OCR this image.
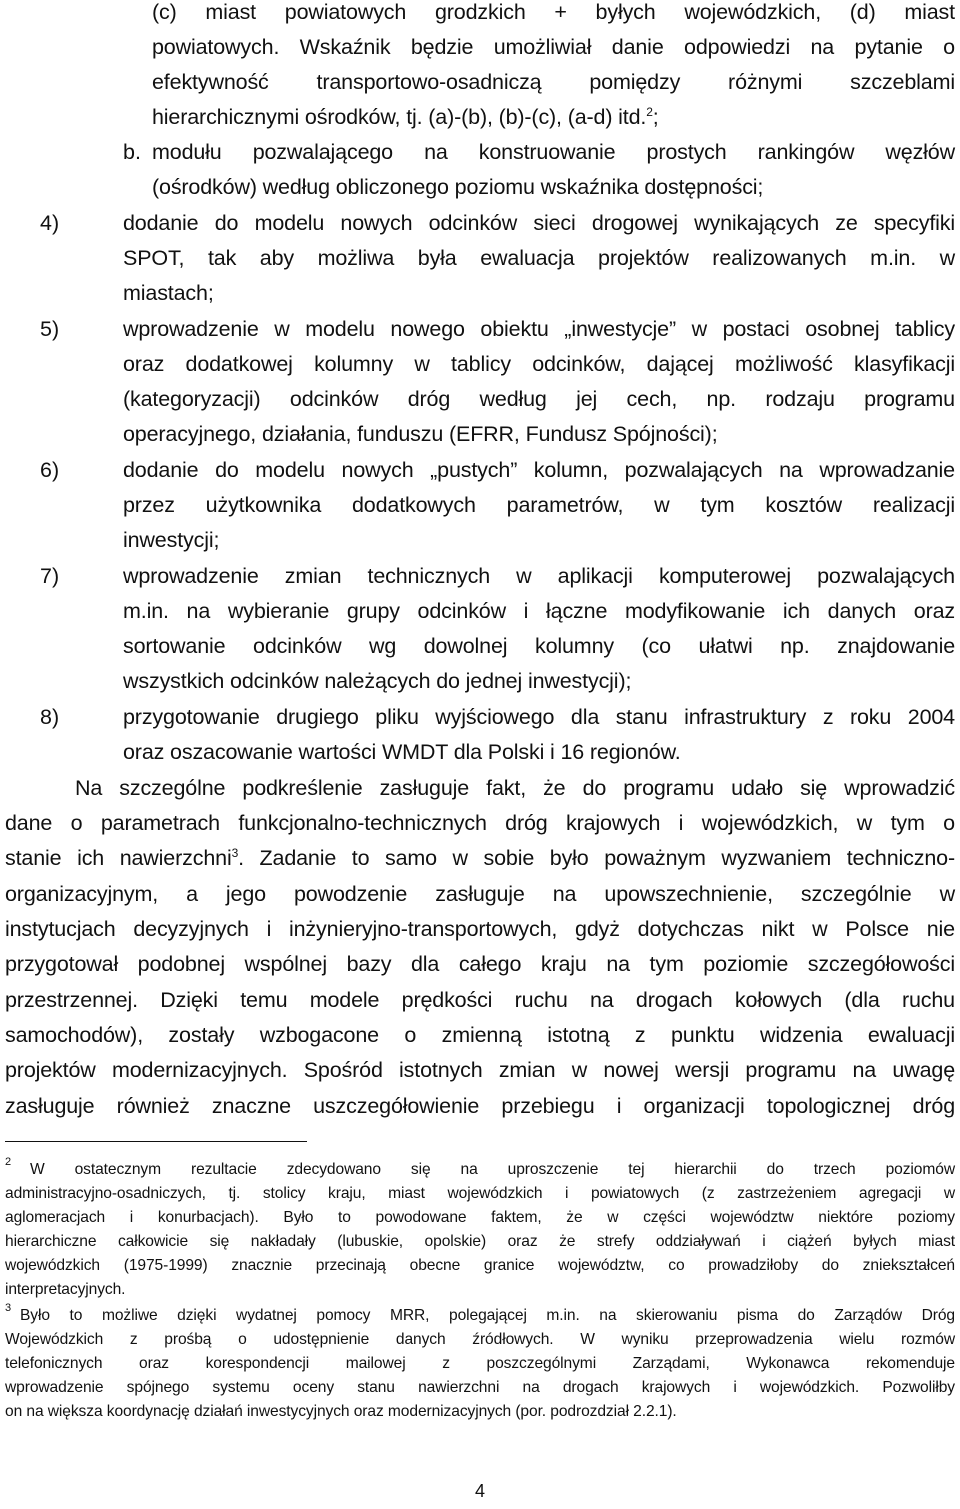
(c) miast powiatowych grodzkich + byłych wojewódzkich, (d) miast
powiatowych. Wskaźnik będzie umożliwiał danie odpowiedzi na pytanie o
efektywność transportowo-osadniczą pomiędzy różnymi szczeblami
hierarchicznymi ośrodków, tj. (a)-(b), (b)-(c), (a-d) itd.$^2$;
b. modułu pozwalającego na konstruowanie prostych rankingów węzłów
(ośrodków) według obliczonego poziomu wskaźnika dostępności;
4)	dodanie do modelu nowych odcinków sieci drogowej wynikających ze specyfiki
SPOT, tak aby możliwa była ewaluacja projektów realizowanych m.in. w
miastach;
5)	wprowadzenie w modelu nowego obiektu „inwestycje” w postaci osobnej tablicy
oraz dodatkowej kolumny w tablicy odcinków, dającej możliwość klasyfikacji
(kategoryzacji) odcinków dróg według jej cech, np. rodzaju programu
operacyjnego, działania, funduszu (EFRR, Fundusz Spójności);
6)	dodanie do modelu nowych „pustych” kolumn, pozwalających na wprowadzanie
przez użytkownika dodatkowych parametrów, w tym kosztów realizacji
inwestycji;
7)	wprowadzenie zmian technicznych w aplikacji komputerowej pozwalających
m.in. na wybieranie grupy odcinków i łączne modyfikowanie ich danych oraz
sortowanie odcinków wg dowolnej kolumny (co ułatwi np. znajdowanie
wszystkich odcinków należących do jednej inwestycji);
8)	przygotowanie drugiego pliku wyjściowego dla stanu infrastruktury z roku 2004
oraz oszacowanie wartości WMDT dla Polski i 16 regionów.
Na szczególne podkreślenie zasługuje fakt, że do programu udało się wprowadzić
dane o parametrach funkcjonalno-technicznych dróg krajowych i wojewódzkich, w tym o
stanie ich nawierzchni$^3$. Zadanie to samo w sobie było poważnym wyzwaniem techniczno-
organizacyjnym, a jego powodzenie zasługuje na upowszechnienie, szczególnie w
instytucjach decyzyjnych i inżynieryjno-transportowych, gdyż dotychczas nikt w Polsce nie
przygotował podobnej wspólnej bazy dla całego kraju na tym poziomie szczegółowości
przestrzennej. Dzięki temu modele prędkości ruchu na drogach kołowych (dla ruchu
samochodów), zostały wzbogacone o zmienną istotną z punktu widzenia ewaluacji
projektów modernizacyjnych. Spośród istotnych zmian w nowej wersji programu na uwagę
zasługuje również znaczne uszczegółowienie przebiegu i organizacji topologicznej dróg
2 W ostatecznym rezultacie zdecydowano się na uproszczenie tej hierarchii do trzech poziomów
administracyjno-osadniczych, tj. stolicy kraju, miast wojewódzkich i powiatowych (z zastrzeżeniem agregacji w
aglomeracjach i konurbacjach). Było to powodowane faktem, że w części województw niektóre poziomy
hierarchiczne całkowicie się nakładały (lubuskie, opolskie) oraz że strefy oddziaływań i ciążeń byłych miast
wojewódzkich (1975-1999) znacznie przecinają obecne granice województw, co prowadziłoby do zniekształceń
interpretacyjnych.
3 Było to możliwe dzięki wydatnej pomocy MRR, polegającej m.in. na skierowaniu pisma do Zarządów Dróg
Wojewódzkich z prośbą o udostępnienie danych źródłowych. W wyniku przeprowadzenia wielu rozmów
telefonicznych oraz korespondencji mailowej z poszczególnymi Zarządami, Wykonawca rekomenduje
wprowadzenie spójnego systemu oceny stanu nawierzchni na drogach krajowych i wojewódzkich. Pozwoliłby
on na większa koordynację działań inwestycyjnych oraz modernizacyjnych (por. podrozdział 2.2.1).
4
